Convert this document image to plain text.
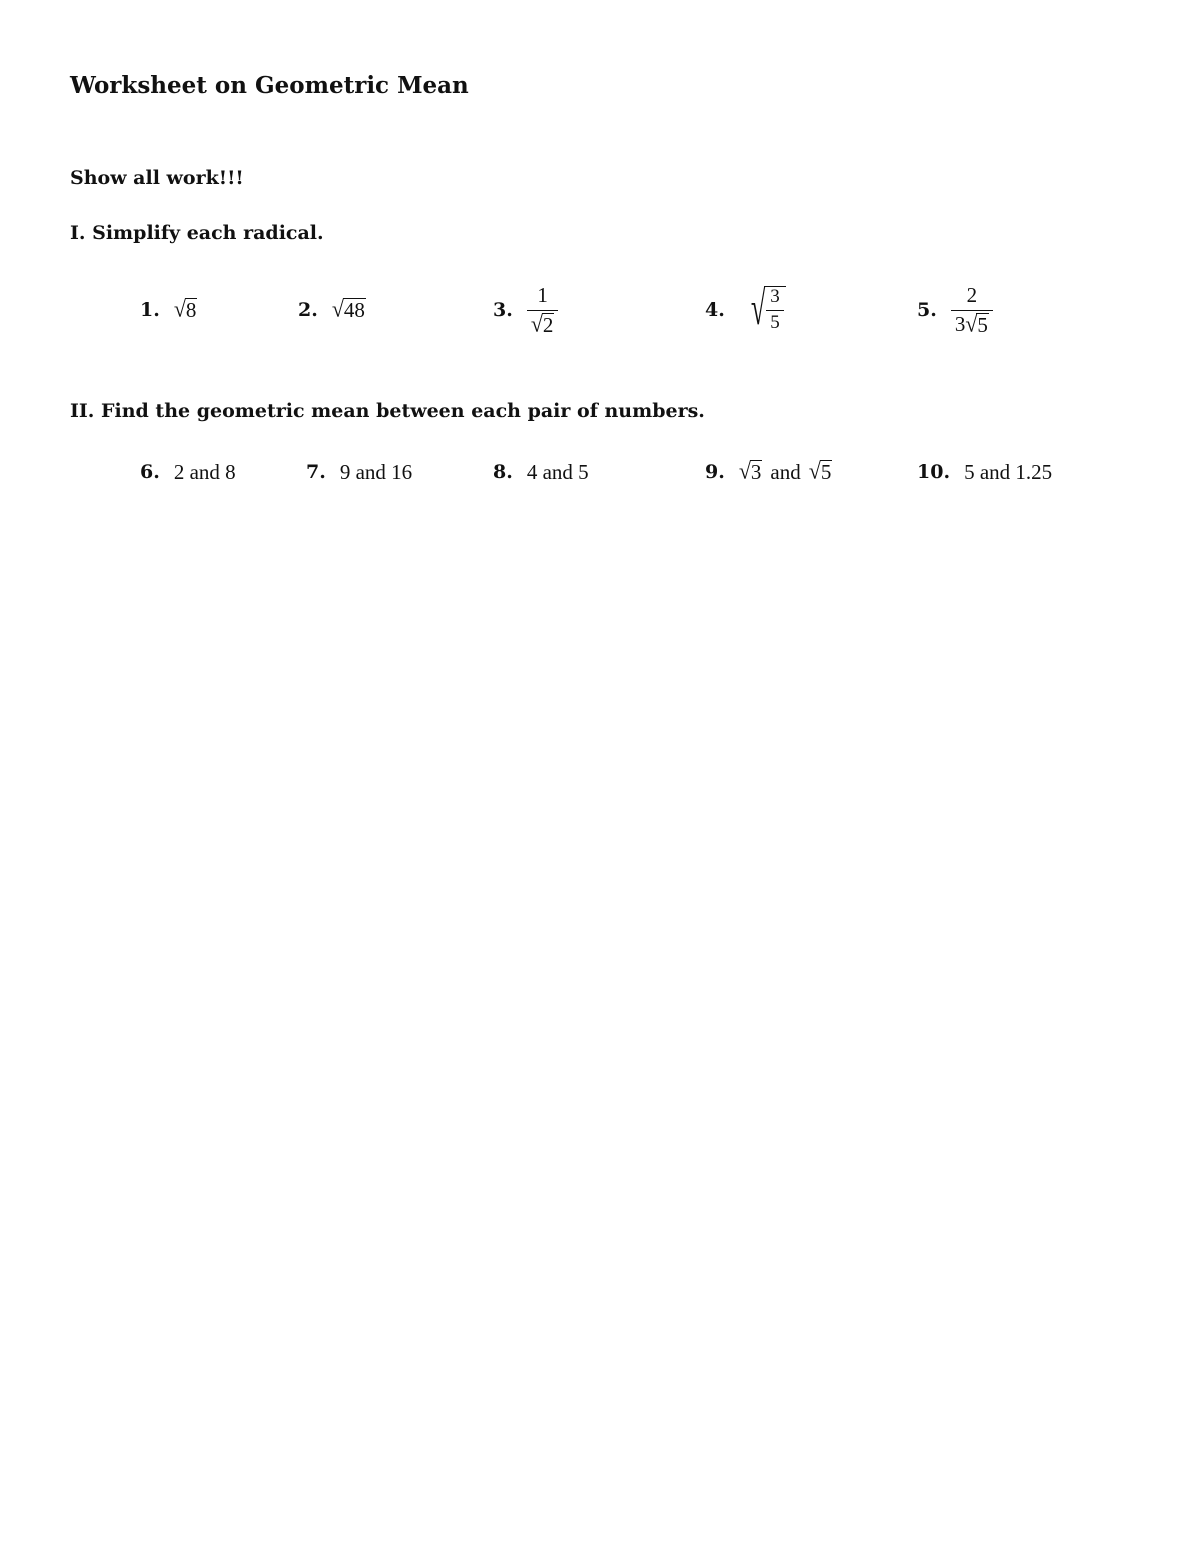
Worksheet on Geometric Mean
Show all work!!!
I. Simplify each radical.
1. √ 8	2. √ 48	3. $\frac{1}{√ 2}$	4. √ $\frac{3}{5}$	5. $\frac{2}{3 √ 5}$
II. Find the geometric mean between each pair of numbers.
6. 2 and 8	7. 9 and 16	8. 4 and 5	9. √ 3 and √ 5	10. 5 and 1.25
